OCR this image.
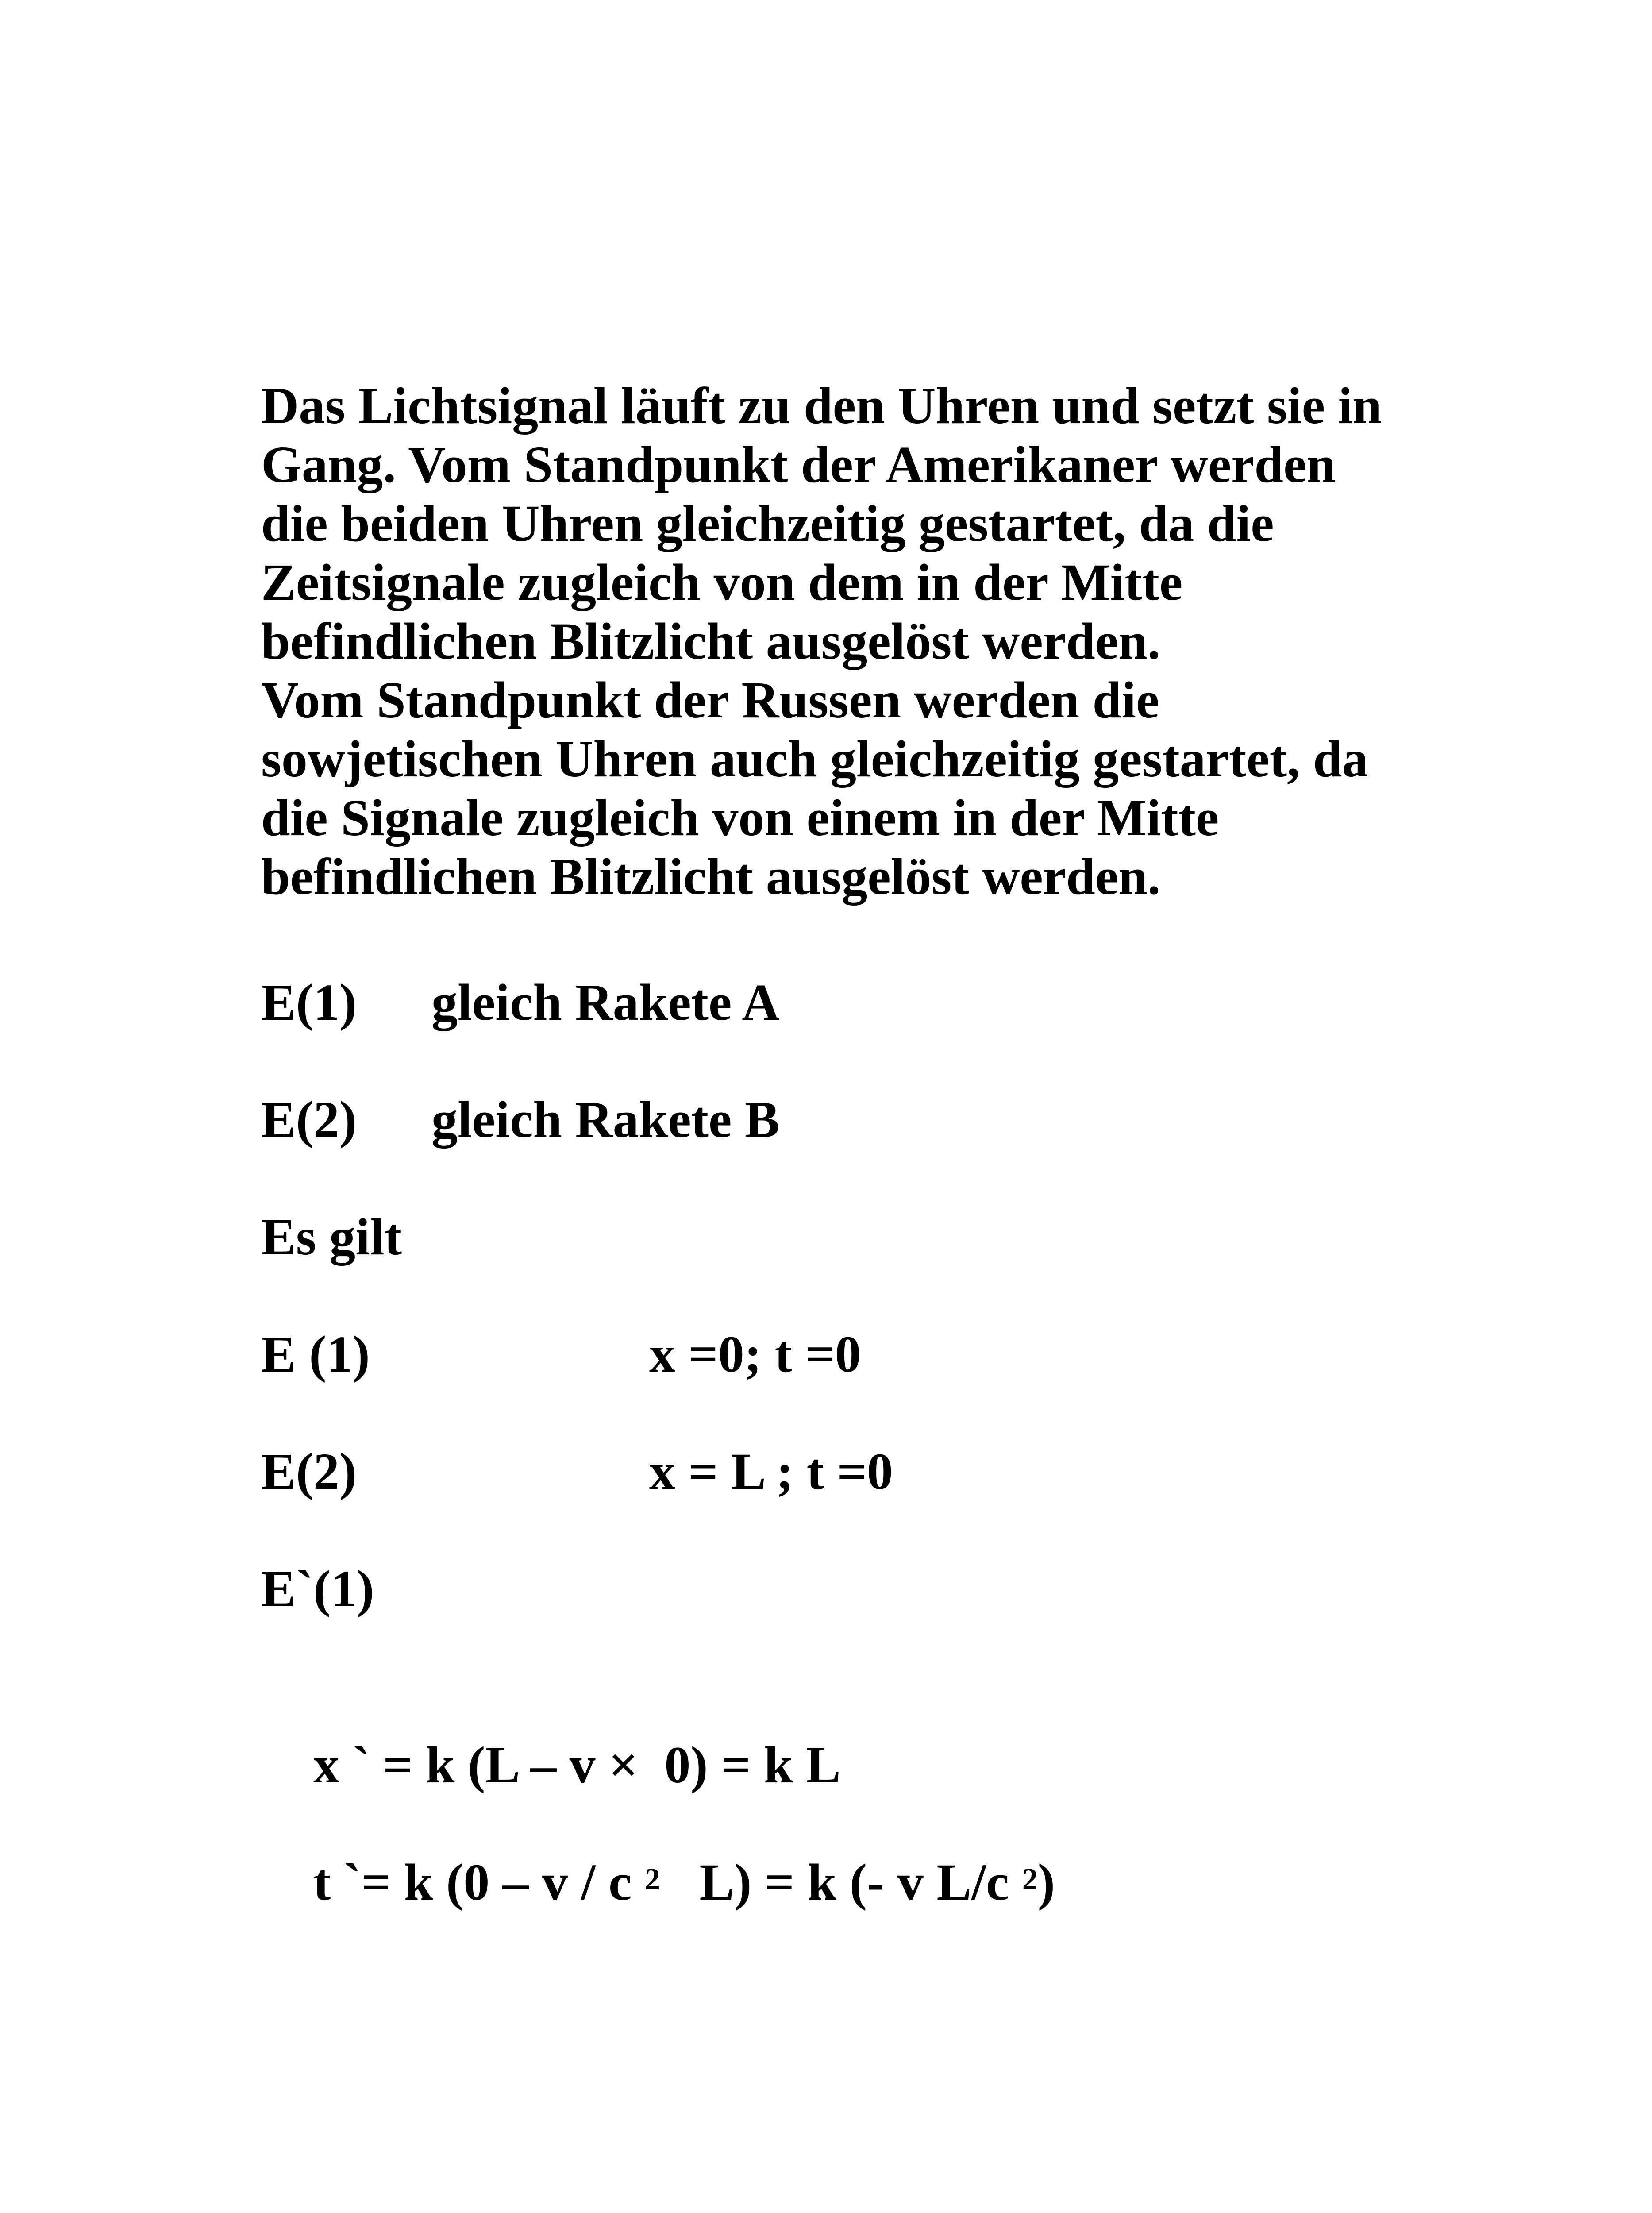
Das Lichtsignal läuft zu den Uhren und setzt sie in
Gang. Vom Standpunkt der Amerikaner werden
die beiden Uhren gleichzeitig gestartet, da die
Zeitsignale zugleich von dem in der Mitte
befindlichen Blitzlicht ausgelöst werden.
Vom Standpunkt der Russen werden die
sowjetischen Uhren auch gleichzeitig gestartet, da
die Signale zugleich von einem in der Mitte
befindlichen Blitzlicht ausgelöst werden.
E(1) gleich Rakete A
E(2) gleich Rakete B
Es gilt
E (1)	x =0; t =0
E(2)	x = L ; t =0
E`(1)

x ` = k (L – v ×  0) = k L

t `= k (0 – v / c $^2$   L) = k (- v L/c $^2$)
